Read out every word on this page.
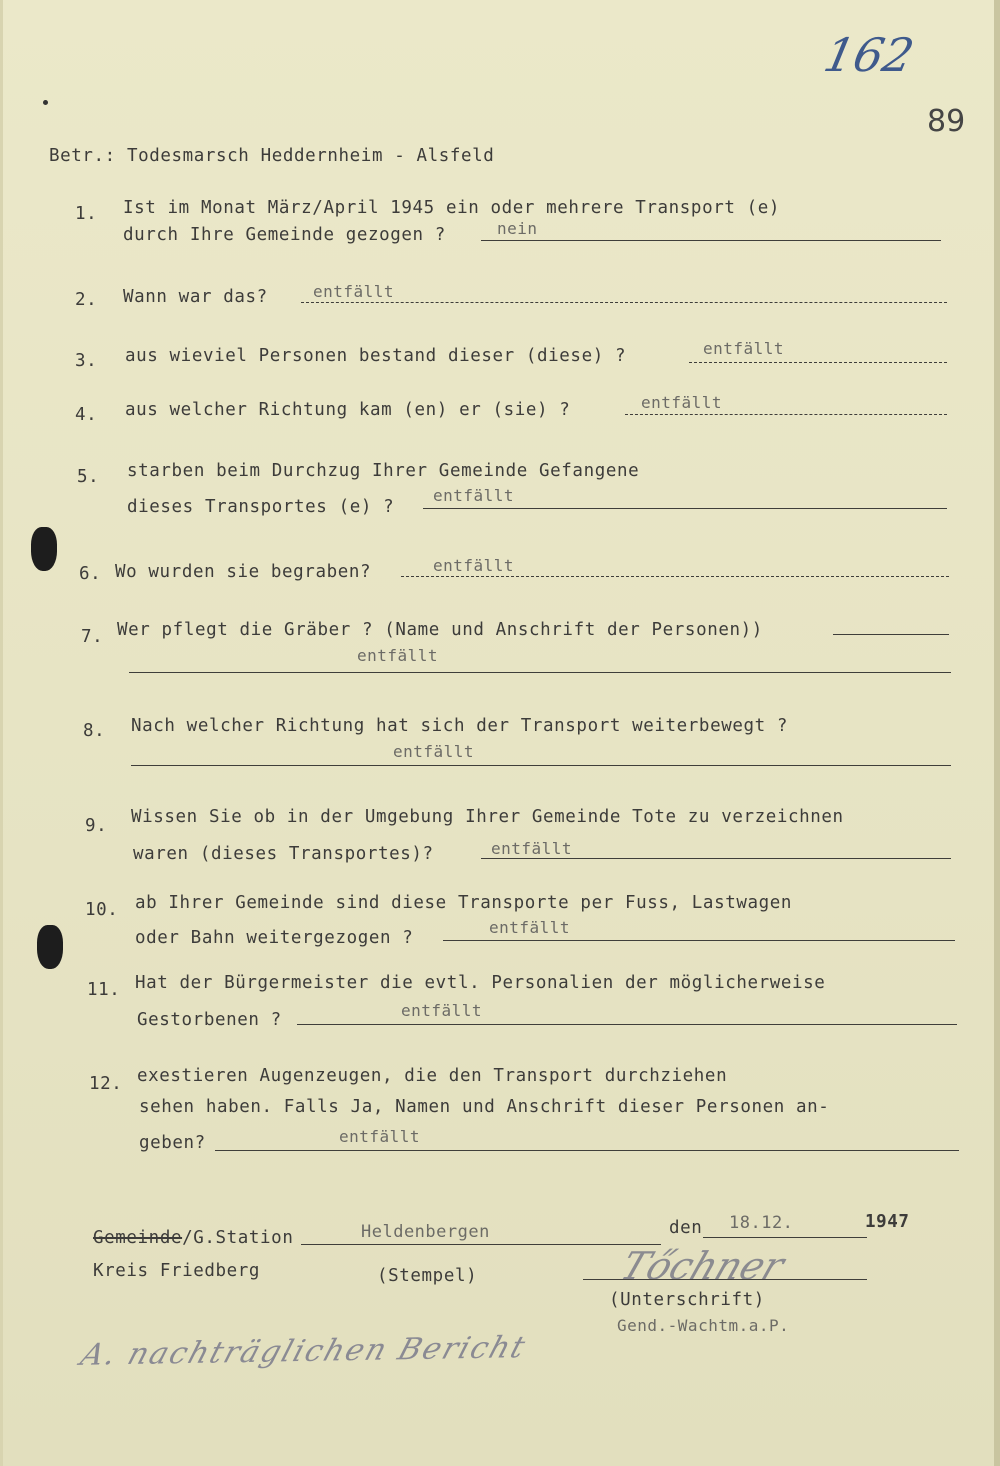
162
89
Betr.: Todesmarsch Heddernheim - Alsfeld
1. Ist im Monat März/April 1945 ein oder mehrere Transport (e)
durch Ihre Gemeinde gezogen ?	nein
2. Wann war das?	entfällt
3. aus wieviel Personen bestand dieser (diese) ?	entfällt
4. aus welcher Richtung kam (en) er (sie) ?	entfällt
5. starben beim Durchzug Ihrer Gemeinde Gefangene
dieses Transportes (e) ?
entfällt
6. Wo wurden sie begraben?	entfällt
7. Wer pflegt die Gräber ? (Name und Anschrift der Personen))
entfällt
8. Nach welcher Richtung hat sich der Transport weiterbewegt ?
entfällt
9. Wissen Sie ob in der Umgebung Ihrer Gemeinde Tote zu verzeichnen
waren (dieses Transportes)?	entfällt
10. ab Ihrer Gemeinde sind diese Transporte per Fuss, Lastwagen
oder Bahn weitergezogen ?
entfällt
11. Hat der Bürgermeister die evtl. Personalien der möglicherweise
Gestorbenen ?	entfällt
12. exestieren Augenzeugen, die den Transport durchziehen
sehen haben. Falls Ja, Namen und Anschrift dieser Personen an-
geben?	entfällt
Gemeinde/G.Station	Heldenbergen	den 18.12.	1947
Kreis Friedberg	(Stempel)	Tőchner
(Unterschrift)
Gend.-Wachtm.a.P.
A. nachträglichen Bericht
